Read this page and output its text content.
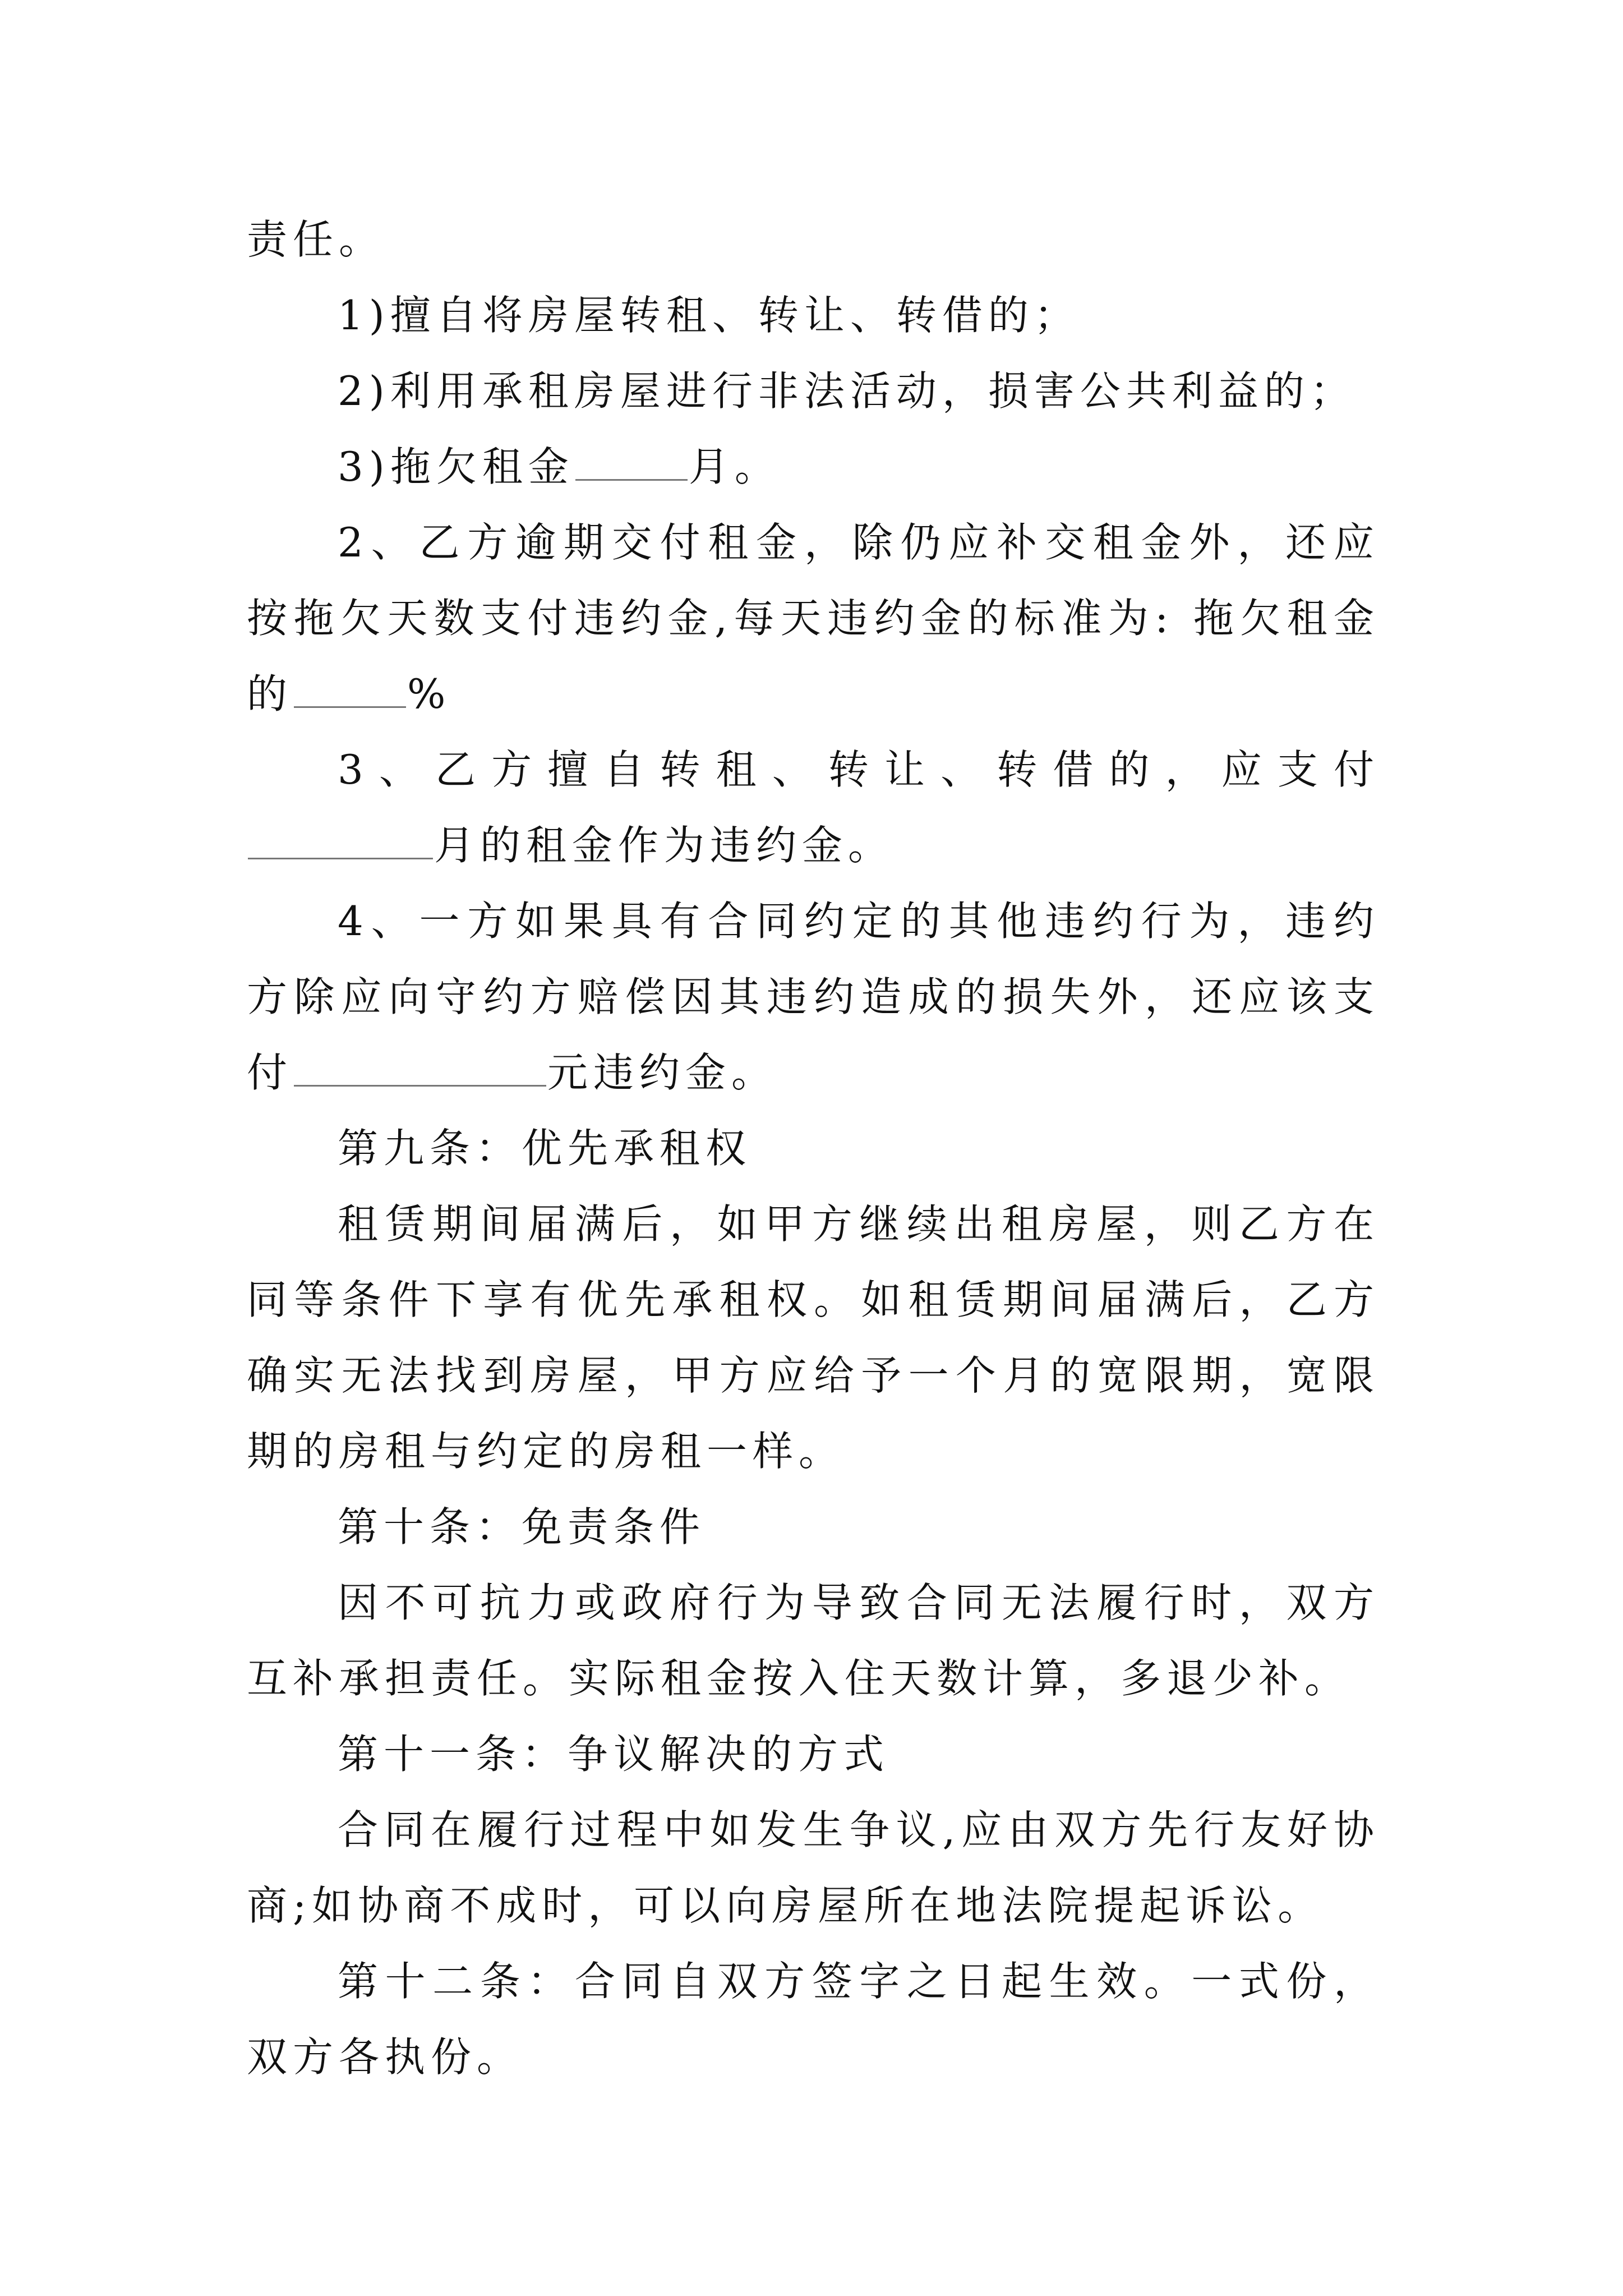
责任。

1)擅自将房屋转租、转让、转借的；

2)利用承租房屋进行非法活动，损害公共利益的；

3)拖欠租金	月。

2、乙方逾期交付租金，除仍应补交租金外，还应按拖欠天数支付违约金,每天违约金的标准为: 拖欠租金的	%

3、乙方擅自转租、转让、转借的，应支付月的租金作为违约金。

4、一方如果具有合同约定的其他违约行为，违约方除应向守约方赔偿因其违约造成的损失外，还应该支付	元违约金。

第九条：优先承租权

租赁期间届满后，如甲方继续出租房屋，则乙方在同等条件下享有优先承租权。如租赁期间届满后，乙方确实无法找到房屋，甲方应给予一个月的宽限期，宽限期的房租与约定的房租一样。

第十条：免责条件

因不可抗力或政府行为导致合同无法履行时，双方互补承担责任。实际租金按入住天数计算，多退少补。

第十一条：争议解决的方式

合同在履行过程中如发生争议,应由双方先行友好协商;如协商不成时，可以向房屋所在地法院提起诉讼。

第十二条：合同自双方签字之日起生效。一式份，双方各执份。
